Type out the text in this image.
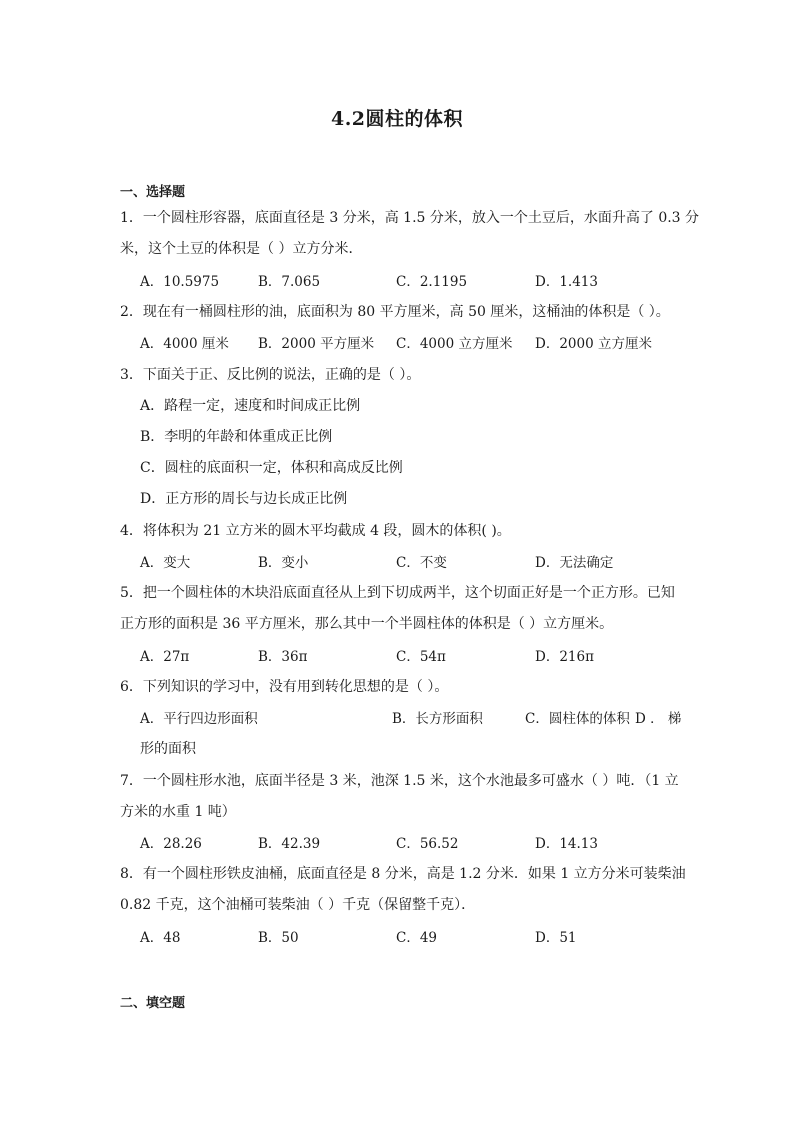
4.2圆柱的体积
一、选择题
1．一个圆柱形容器，底面直径是 3 分米，高 1.5 分米，放入一个土豆后，水面升高了 0.3 分
米，这个土豆的体积是（ ）立方分米．
A．10.5975	B．7.065	C．2.1195	D．1.413
2．现在有一桶圆柱形的油，底面积为 80 平方厘米，高 50 厘米，这桶油的体积是（ ）。
A．4000 厘米 B．2000 平方厘米 C．4000 立方厘米 D．2000 立方厘米
3．下面关于正、反比例的说法，正确的是（ ）。
A．路程一定，速度和时间成正比例
B．李明的年龄和体重成正比例
C．圆柱的底面积一定，体积和高成反比例
D．正方形的周长与边长成正比例
4．将体积为 21 立方米的圆木平均截成 4 段，圆木的体积( )。
A．变大	B．变小	C．不变	D．无法确定
5．把一个圆柱体的木块沿底面直径从上到下切成两半，这个切面正好是一个正方形。已知
正方形的面积是 36 平方厘米，那么其中一个半圆柱体的体积是（ ）立方厘米。
A．27π	B．36π	C．54π	D．216π
6．下列知识的学习中，没有用到转化思想的是（ ）。
A．平行四边形面积	B．长方形面积	C．圆柱体的体积 D ． 梯
形的面积
7．一个圆柱形水池，底面半径是 3 米，池深 1.5 米，这个水池最多可盛水（ ）吨．（1 立
方米的水重 1 吨）
A．28.26	B．42.39	C．56.52	D．14.13
8．有一个圆柱形铁皮油桶，底面直径是 8 分米，高是 1.2 分米．如果 1 立方分米可装柴油
0.82 千克，这个油桶可装柴油（ ）千克（保留整千克）．
A．48	B．50	C．49	D．51
二、填空题
